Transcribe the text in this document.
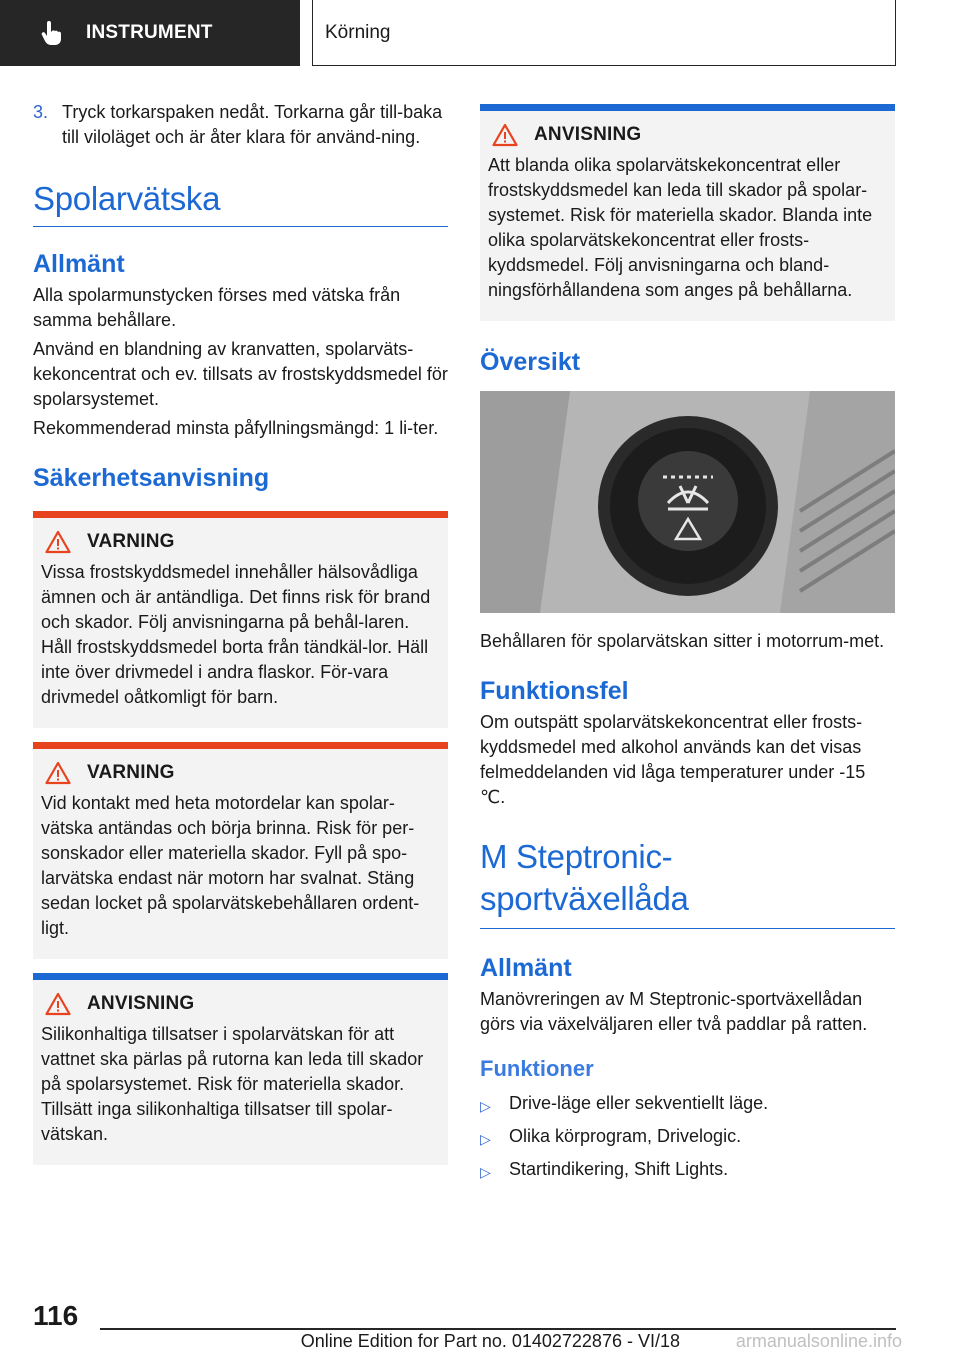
INSTRUMENT	Körning
3. Tryck torkarspaken nedåt. Torkarna går till-baka till viloläget och är åter klara för använd-ning.
Spolarvätska
Allmänt

Alla spolarmunstycken förses med vätska från samma behållare.

Använd en blandning av kranvatten, spolarväts-kekoncentrat och ev. tillsats av frostskyddsmedel för spolarsystemet.

Rekommenderad minsta påfyllningsmängd: 1 li-ter.

Säkerhetsanvisning
VARNING

Vissa frostskyddsmedel innehåller hälsovådliga ämnen och är antändliga. Det finns risk för brand och skador. Följ anvisningarna på behål-laren. Håll frostskyddsmedel borta från tändkäl-lor. Häll inte över drivmedel i andra flaskor. För-vara drivmedel oåtkomligt för barn.

VARNING

Vid kontakt med heta motordelar kan spolar-vätska antändas och börja brinna. Risk för per-sonskador eller materiella skador. Fyll på spo-larvätska endast när motorn har svalnat. Stäng sedan locket på spolarvätskebehållaren ordent-ligt.

ANVISNING

Silikonhaltiga tillsatser i spolarvätskan för att vattnet ska pärlas på rutorna kan leda till skador på spolarsystemet. Risk för materiella skador. Tillsätt inga silikonhaltiga tillsatser till spolar-vätskan.

ANVISNING

Att blanda olika spolarvätskekoncentrat eller frostskyddsmedel kan leda till skador på spolar-systemet. Risk för materiella skador. Blanda inte olika spolarvätskekoncentrat eller frosts-kyddsmedel. Följ anvisningarna och bland-ningsförhållandena som anges på behållarna.

Översikt

Behållaren för spolarvätskan sitter i motorrum-met.

Funktionsfel

Om outspätt spolarvätskekoncentrat eller frosts-kyddsmedel med alkohol används kan det visas felmeddelanden vid låga temperaturer under -15 ℃.

M Steptronic-
sportväxellåda
Allmänt

Manövreringen av M Steptronic-sportväxellådan görs via växelväljaren eller två paddlar på ratten.

Funktioner
▷ Drive-läge eller sekventiellt läge.
▷ Olika körprogram, Drivelogic.
▷ Startindikering, Shift Lights.
116
Online Edition for Part no. 01402722876 - VI/18	armanualsonline.info
